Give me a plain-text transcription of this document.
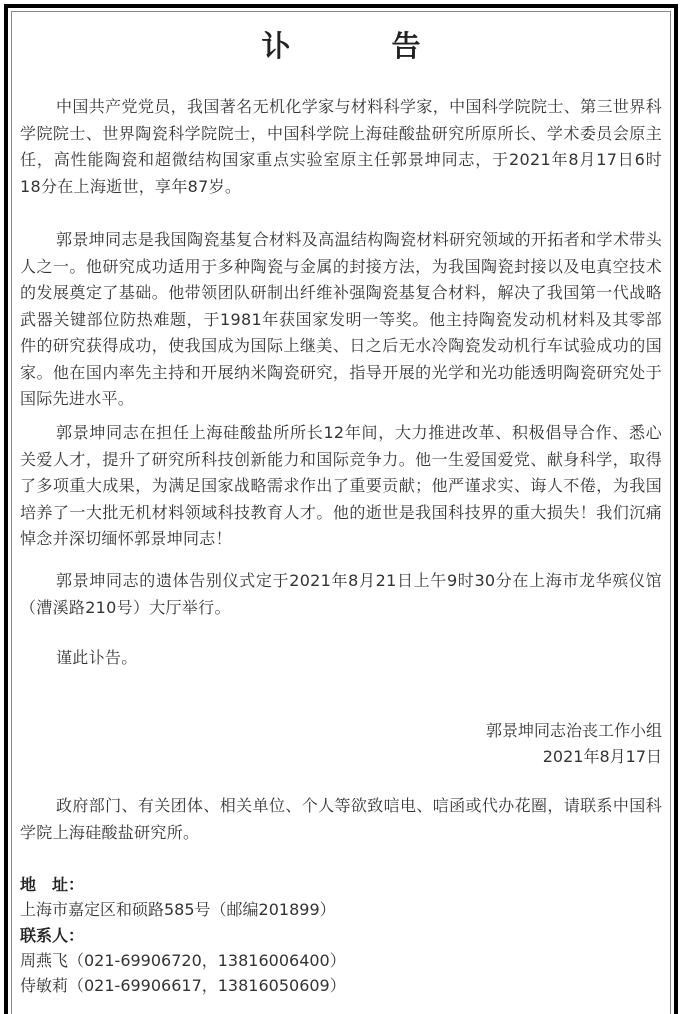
讣　告
中国共产党党员，我国著名无机化学家与材料科学家，中国科学院院士、第三世界科学院院士、世界陶瓷科学院院士，中国科学院上海硅酸盐研究所原所长、学术委员会原主任，高性能陶瓷和超微结构国家重点实验室原主任郭景坤同志，于2021年8月17日6时18分在上海逝世，享年87岁。
郭景坤同志是我国陶瓷基复合材料及高温结构陶瓷材料研究领域的开拓者和学术带头人之一。他研究成功适用于多种陶瓷与金属的封接方法，为我国陶瓷封接以及电真空技术的发展奠定了基础。他带领团队研制出纤维补强陶瓷基复合材料，解决了我国第一代战略武器关键部位防热难题，于1981年获国家发明一等奖。他主持陶瓷发动机材料及其零部件的研究获得成功，使我国成为国际上继美、日之后无水冷陶瓷发动机行车试验成功的国家。他在国内率先主持和开展纳米陶瓷研究，指导开展的光学和光功能透明陶瓷研究处于国际先进水平。
郭景坤同志在担任上海硅酸盐所所长12年间，大力推进改革、积极倡导合作、悉心关爱人才，提升了研究所科技创新能力和国际竞争力。他一生爱国爱党、献身科学，取得了多项重大成果，为满足国家战略需求作出了重要贡献；他严谨求实、诲人不倦，为我国培养了一大批无机材料领域科技教育人才。他的逝世是我国科技界的重大损失！我们沉痛悼念并深切缅怀郭景坤同志！
郭景坤同志的遗体告别仪式定于2021年8月21日上午9时30分在上海市龙华殡仪馆（漕溪路210号）大厅举行。
谨此讣告。
郭景坤同志治丧工作小组
2021年8月17日
政府部门、有关团体、相关单位、个人等欲致唁电、唁函或代办花圈，请联系中国科学院上海硅酸盐研究所。
地　址：
上海市嘉定区和硕路585号（邮编201899）
联系人：
周燕飞（021-69906720，13816006400）
侍敏莉（021-69906617，13816050609）
